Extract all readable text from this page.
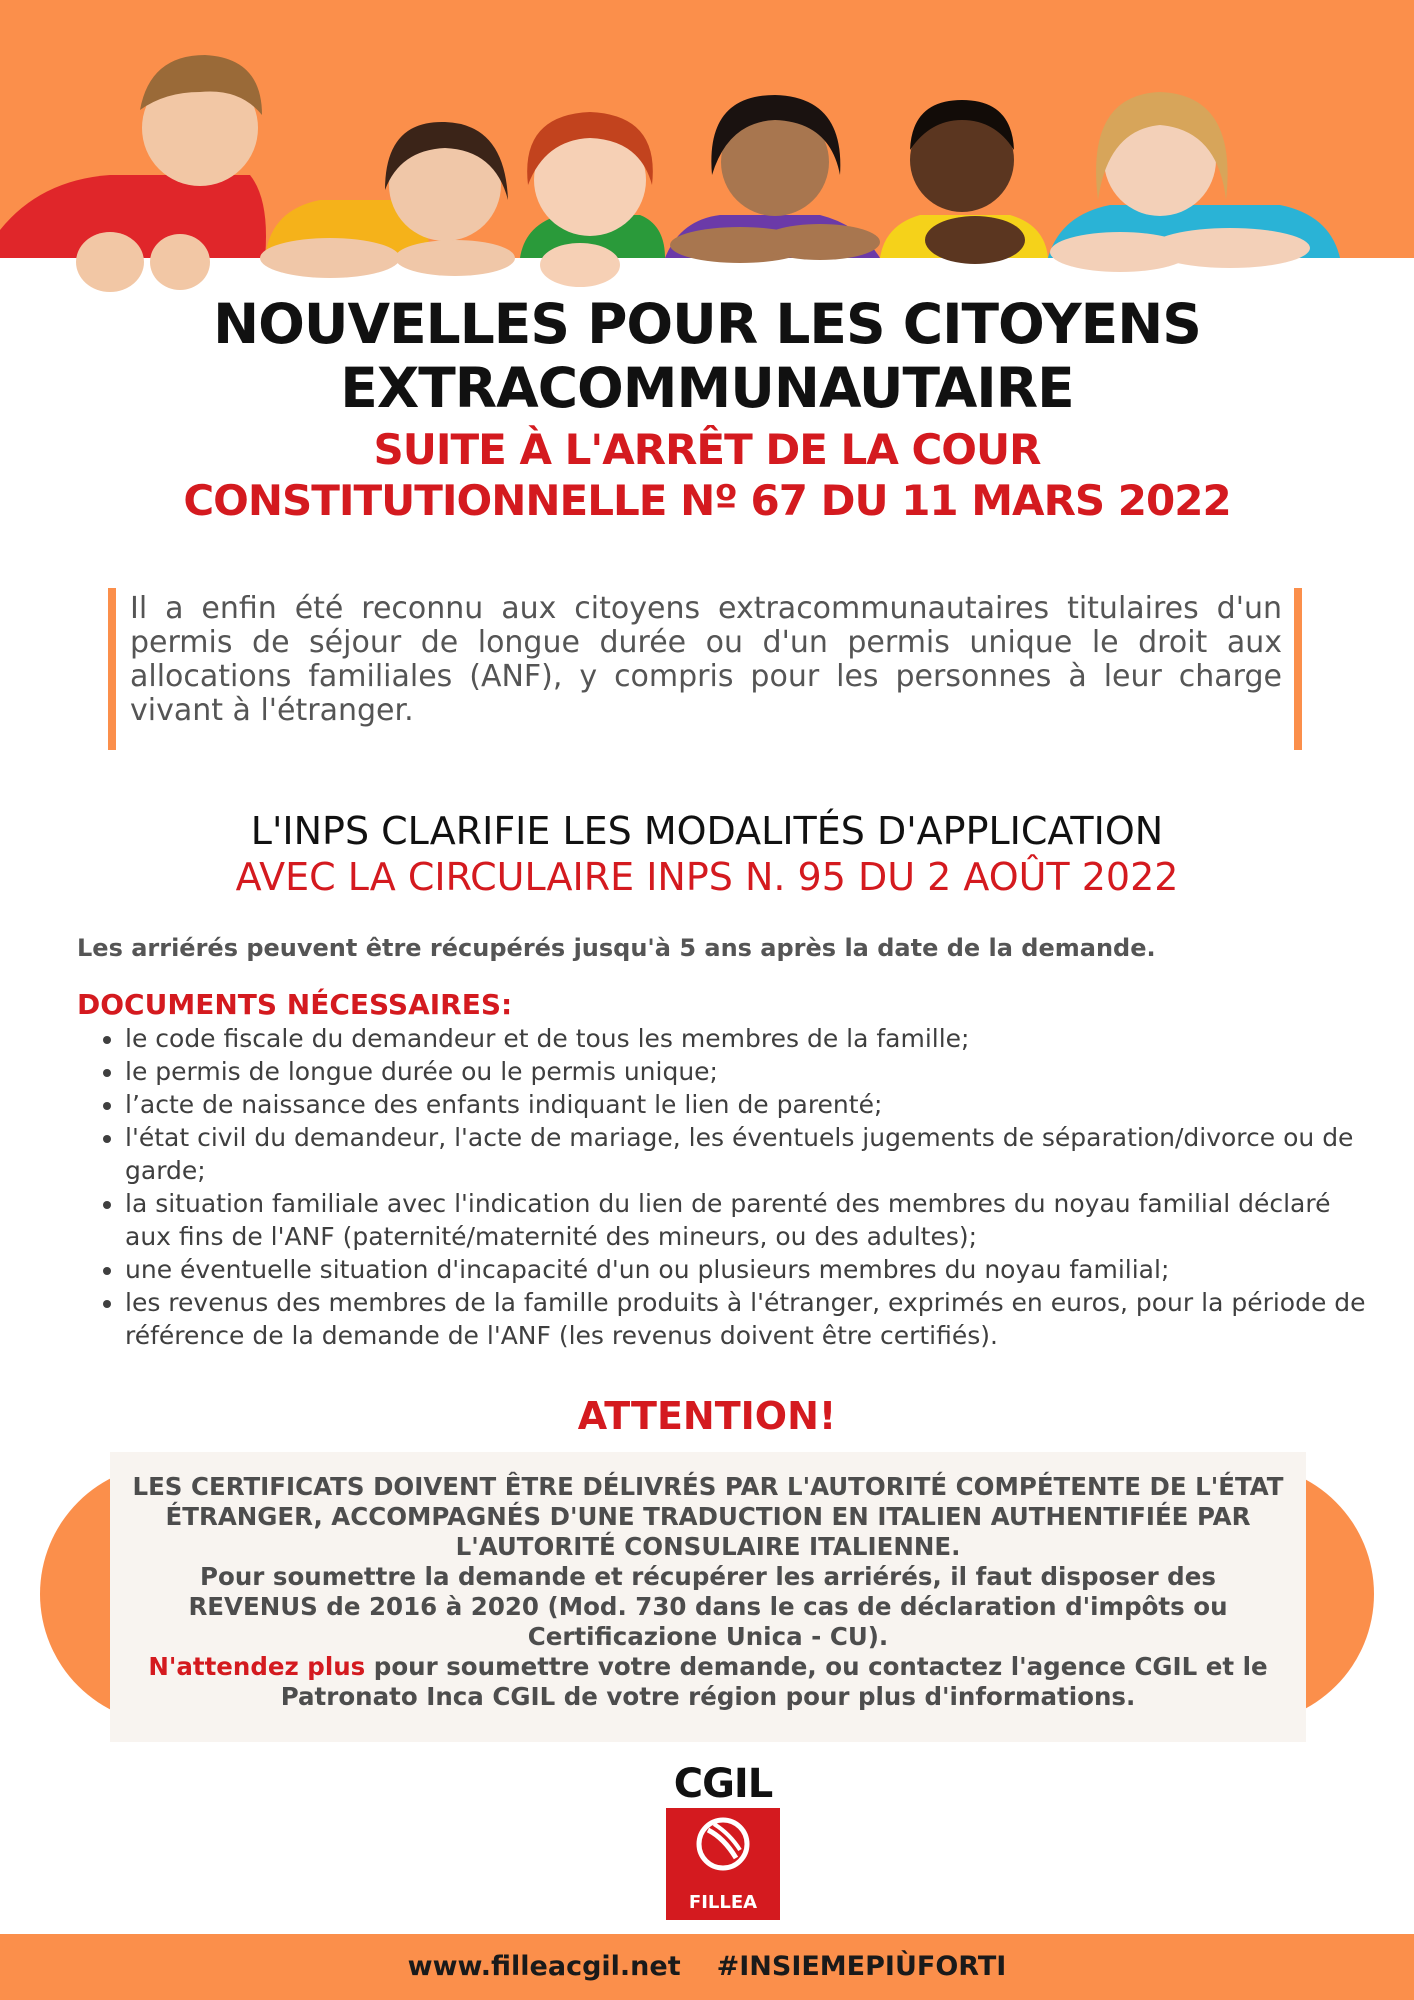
NOUVELLES POUR LES CITOYENS

EXTRACOMMUNAUTAIRE

SUITE À L'ARRÊT DE LA COUR

CONSTITUTIONNELLE Nº 67 DU 11 MARS 2022

Il a enfin été reconnu aux citoyens extracommunautaires titulaires d'un permis de séjour de longue durée ou d'un permis unique le droit aux allocations familiales (ANF), y compris pour les personnes à leur charge vivant à l'étranger.

L'INPS CLARIFIE LES MODALITÉS D'APPLICATION

AVEC LA CIRCULAIRE INPS N. 95 DU 2 AOÛT 2022

Les arriérés peuvent être récupérés jusqu'à 5 ans après la date de la demande.

DOCUMENTS NÉCESSAIRES:

• le code fiscale du demandeur et de tous les membres de la famille;
• le permis de longue durée ou le permis unique;
• l’acte de naissance des enfants indiquant le lien de parenté;
• l'état civil du demandeur, l'acte de mariage, les éventuels jugements de séparation/divorce ou de garde;
• la situation familiale avec l'indication du lien de parenté des membres du noyau familial déclaré aux fins de l'ANF (paternité/maternité des mineurs, ou des adultes);
• une éventuelle situation d'incapacité d'un ou plusieurs membres du noyau familial;
• les revenus des membres de la famille produits à l'étranger, exprimés en euros, pour la période de référence de la demande de l'ANF (les revenus doivent être certifiés).

ATTENTION!

LES CERTIFICATS DOIVENT ÊTRE DÉLIVRÉS PAR L'AUTORITÉ COMPÉTENTE DE L'ÉTAT ÉTRANGER, ACCOMPAGNÉS D'UNE TRADUCTION EN ITALIEN AUTHENTIFIÉE PAR L'AUTORITÉ CONSULAIRE ITALIENNE.

Pour soumettre la demande et récupérer les arriérés, il faut disposer des REVENUS de 2016 à 2020 (Mod. 730 dans le cas de déclaration d'impôts ou Certificazione Unica - CU).

N'attendez plus pour soumettre votre demande, ou contactez l'agence CGIL et le Patronato Inca CGIL de votre région pour plus d'informations.

CGIL
FILLEA
www.filleacgil.net #INSIEMEPIÙFORTI
